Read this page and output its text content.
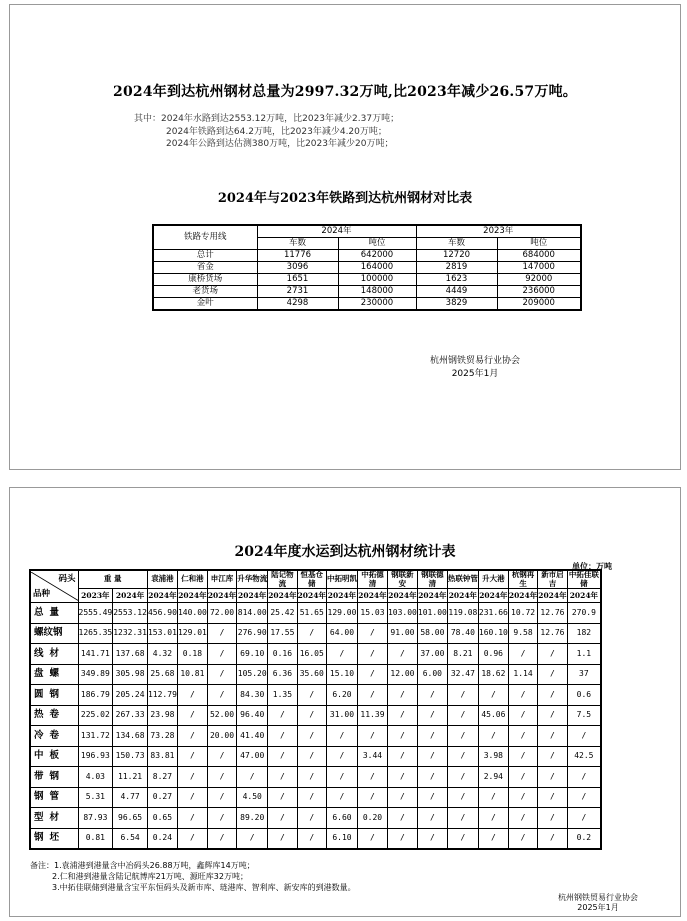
2024年到达杭州钢材总量为2997.32万吨,比2023年减少26.57万吨。
其中：2024年水路到达2553.12万吨，比2023年减少2.37万吨；
2024年铁路到达64.2万吨，比2023年减少4.20万吨；
2024年公路到达估测380万吨，比2023年减少20万吨；
2024年与2023年铁路到达杭州钢材对比表
铁路专用线	2024年		2023年	
	车数	吨位	车数	吨位
总计	11776	642000	12720	684000
省金	3096	164000	2819	147000
康桥货场	1651	100000	1623	92000
老货场	2731	148000	4449	236000
金叶	4298	230000	3829	209000
杭州钢铁贸易行业协会
2025年1月
2024年度水运到达杭州钢材统计表
单位：万吨
码头
品种	重 量		袁浦港	仁和港	申江库	升华物流	陆记物流	恒基仓储	中拓明凯	中拓德清	钢联新安	钢联德清	热联钟管	升大港	杭钢再生	新市启吉	中拓佳联储
	2023年	2024年	2024年	2024年	2024年	2024年	2024年	2024年	2024年	2024年	2024年	2024年	2024年	2024年	2024年	2024年	2024年
总量	2555.49	2553.12	456.90	140.00	72.00	814.00	25.42	51.65	129.00	15.03	103.00	101.00	119.08	231.66	10.72	12.76	270.9
螺纹钢	1265.35	1232.31	153.01	129.01	/	276.90	17.55	/	64.00	/	91.00	58.00	78.40	160.10	9.58	12.76	182
线材	141.71	137.68	4.32	0.18	/	69.10	0.16	16.05	/	/	/	37.00	8.21	0.96	/	/	1.1
盘螺	349.89	305.98	25.68	10.81	/	105.20	6.36	35.60	15.10	/	12.00	6.00	32.47	18.62	1.14	/	37
圆钢	186.79	205.24	112.79	/	/	84.30	1.35	/	6.20	/	/	/	/	/	/	/	0.6
热卷	225.02	267.33	23.98	/	52.00	96.40	/	/	31.00	11.39	/	/	/	45.06	/	/	7.5
冷卷	131.72	134.68	73.28	/	20.00	41.40	/	/	/	/	/	/	/	/	/	/	/
中板	196.93	150.73	83.81	/	/	47.00	/	/	/	3.44	/	/	/	3.98	/	/	42.5
带钢	4.03	11.21	8.27	/	/	/	/	/	/	/	/	/	/	2.94	/	/	/
钢管	5.31	4.77	0.27	/	/	4.50	/	/	/	/	/	/	/	/	/	/	/
型材	87.93	96.65	0.65	/	/	89.20	/	/	6.60	0.20	/	/	/	/	/	/	/
钢坯	0.81	6.54	0.24	/	/	/	/	/	6.10	/	/	/	/	/	/	/	0.2
备注：1.袁浦港到港量含中冶码头26.88万吨，鑫辉库14万吨；
2.仁和港到港量含陆记航博库21万吨、源旺库32万吨；
3.中拓佳联储到港量含宝平东恒码头及新市库、琏港库、智利库、新安库的到港数量。
杭州钢铁贸易行业协会
2025年1月
